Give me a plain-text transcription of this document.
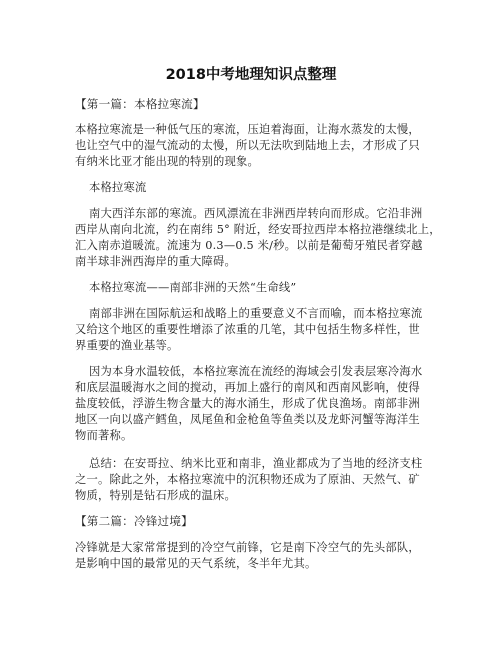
2018中考地理知识点整理
【第一篇：本格拉寒流】
本格拉寒流是一种低气压的寒流，压迫着海面，让海水蒸发的太慢，
也让空气中的湿气流动的太慢，所以无法吹到陆地上去，才形成了只
有纳米比亚才能出现的特别的现象。
本格拉寒流
南大西洋东部的寒流。西风漂流在非洲西岸转向而形成。它沿非洲
西岸从南向北流，约在南纬 5° 附近，经安哥拉西岸本格拉港继续北上，
汇入南赤道暖流。流速为 0.3—0.5 米/秒。以前是葡萄牙殖民者穿越
南半球非洲西海岸的重大障碍。
本格拉寒流——南部非洲的天然“生命线”
南部非洲在国际航运和战略上的重要意义不言而喻，而本格拉寒流
又给这个地区的重要性增添了浓重的几笔，其中包括生物多样性，世
界重要的渔业基等。
因为本身水温较低，本格拉寒流在流经的海域会引发表层寒冷海水
和底层温暖海水之间的搅动，再加上盛行的南风和西南风影响，使得
盐度较低，浮游生物含量大的海水涌生，形成了优良渔场。南部非洲
地区一向以盛产鳕鱼，凤尾鱼和金枪鱼等鱼类以及龙虾河蟹等海洋生
物而著称。
总结：在安哥拉、纳米比亚和南非，渔业都成为了当地的经济支柱
之一。除此之外，本格拉寒流中的沉积物还成为了原油、天然气、矿
物质，特别是钻石形成的温床。
【第二篇：冷锋过境】
冷锋就是大家常常提到的冷空气前锋，它是南下冷空气的先头部队，
是影响中国的最常见的天气系统，冬半年尤其。
